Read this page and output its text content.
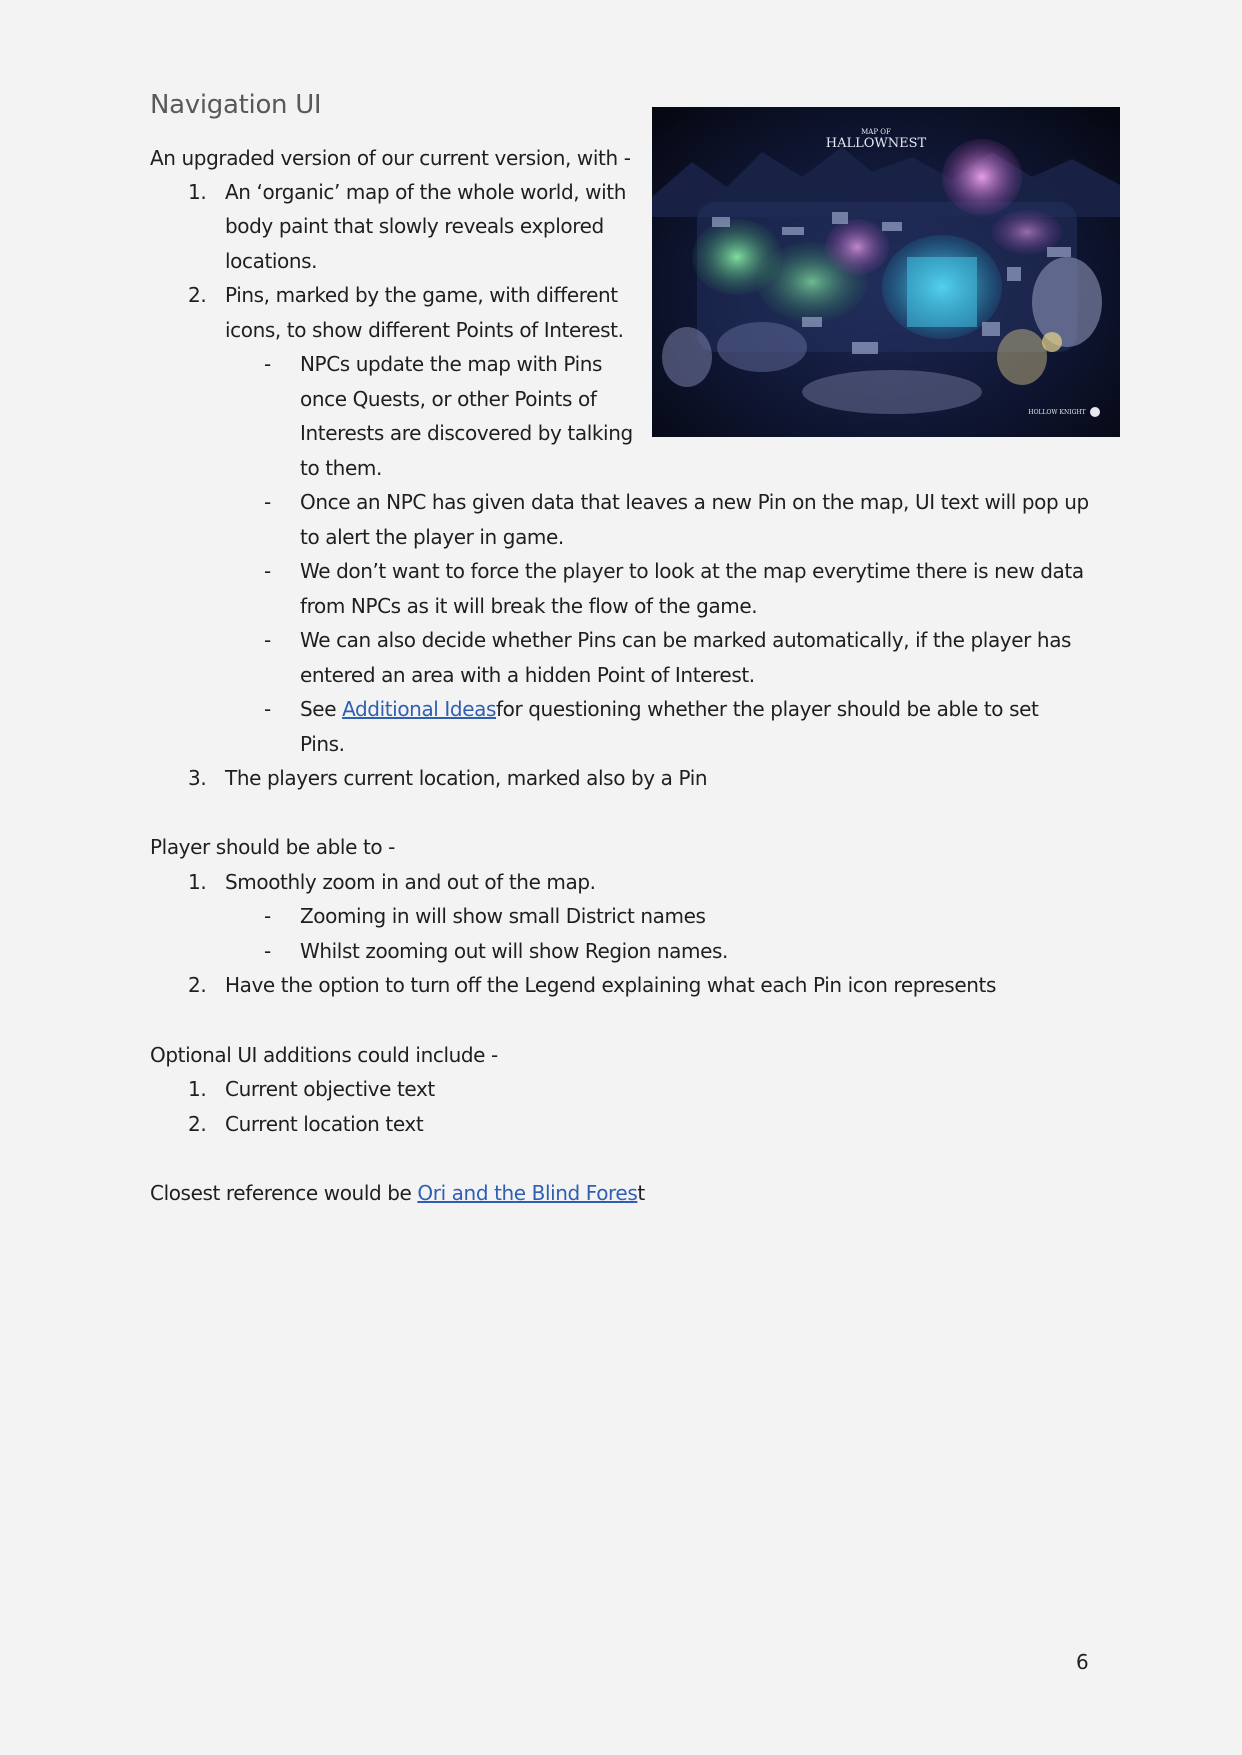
Navigation UI
MAP OF
HALLOWNEST
HOLLOW KNIGHT
An upgraded version of our current version, with -
1. An ‘organic’ map of the whole world, with
body paint that slowly reveals explored
locations.
2. Pins, marked by the game, with different
icons, to show different Points of Interest.
- NPCs update the map with Pins
once Quests, or other Points of
Interests are discovered by talking
to them.
- Once an NPC has given data that leaves a new Pin on the map, UI text will pop up
to alert the player in game.
- We don’t want to force the player to look at the map everytime there is new data
from NPCs as it will break the flow of the game.
- We can also decide whether Pins can be marked automatically, if the player has
entered an area with a hidden Point of Interest.
- See Additional Ideasfor questioning whether the player should be able to set
Pins.
3. The players current location, marked also by a Pin
Player should be able to -
1. Smoothly zoom in and out of the map.
- Zooming in will show small District names
- Whilst zooming out will show Region names.
2. Have the option to turn off the Legend explaining what each Pin icon represents
Optional UI additions could include -
1. Current objective text
2. Current location text
Closest reference would be Ori and the Blind Forest
6
